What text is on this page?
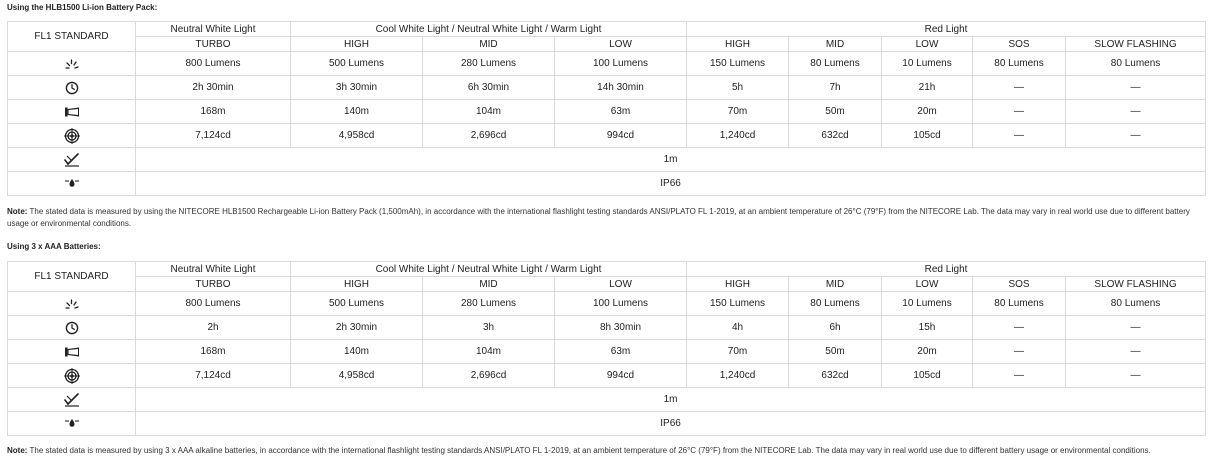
Using the HLB1500 Li-ion Battery Pack:
FL1 STANDARD	Neutral White Light	Cool White Light / Neutral White Light / Warm Light			Red Light				
	TURBO	HIGH	MID	LOW	HIGH	MID	LOW	SOS	SLOW FLASHING
	800 Lumens	500 Lumens	280 Lumens	100 Lumens	150 Lumens	80 Lumens	10 Lumens	80 Lumens	80 Lumens
	2h 30min	3h 30min	6h 30min	14h 30min	5h	7h	21h	—	—
	168m	140m	104m	63m	70m	50m	20m	—	—
	7,124cd	4,958cd	2,696cd	994cd	1,240cd	632cd	105cd	—	—
	1m								
	IP66								
Note: The stated data is measured by using the NITECORE HLB1500 Rechargeable Li-ion Battery Pack (1,500mAh), in accordance with the international flashlight testing standards ANSI/PLATO FL 1-2019, at an ambient temperature of 26°C (79°F) from the NITECORE Lab. The data may vary in real world use due to different battery usage or environmental conditions.
Using 3 x AAA Batteries:
FL1 STANDARD	Neutral White Light	Cool White Light / Neutral White Light / Warm Light			Red Light				
	TURBO	HIGH	MID	LOW	HIGH	MID	LOW	SOS	SLOW FLASHING
	800 Lumens	500 Lumens	280 Lumens	100 Lumens	150 Lumens	80 Lumens	10 Lumens	80 Lumens	80 Lumens
	2h	2h 30min	3h	8h 30min	4h	6h	15h	—	—
	168m	140m	104m	63m	70m	50m	20m	—	—
	7,124cd	4,958cd	2,696cd	994cd	1,240cd	632cd	105cd	—	—
	1m								
	IP66								
Note: The stated data is measured by using 3 x AAA alkaline batteries, in accordance with the international flashlight testing standards ANSI/PLATO FL 1-2019, at an ambient temperature of 26°C (79°F) from the NITECORE Lab. The data may vary in real world use due to different battery usage or environmental conditions.
